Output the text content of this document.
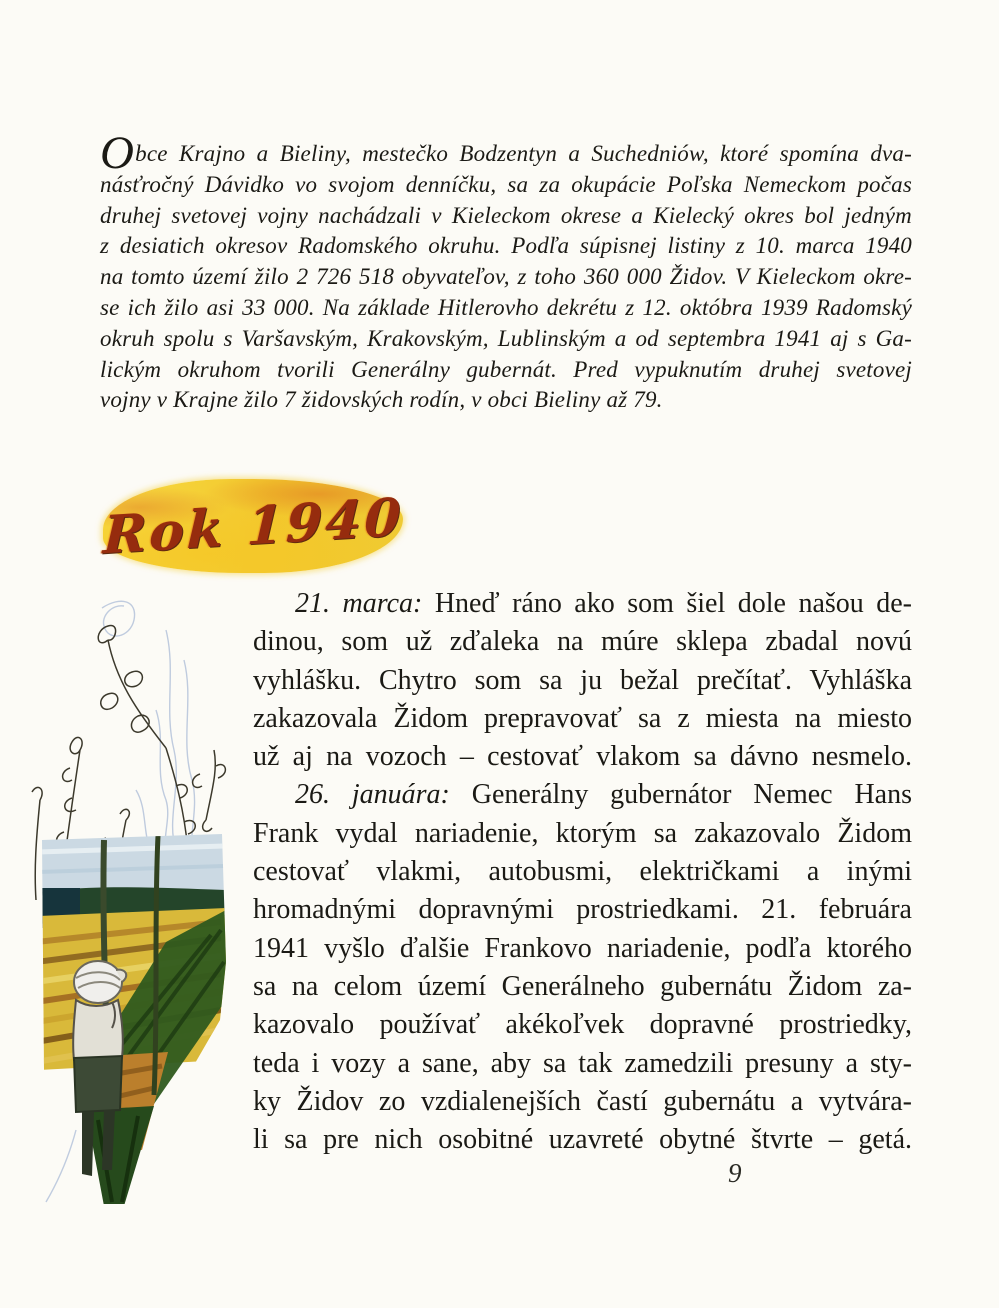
Obce Krajno a Bieliny, mestečko Bodzentyn a Suchedniów, ktoré spomína dva-
násťročný Dávidko vo svojom denníčku, sa za okupácie Poľska Nemeckom počas
druhej svetovej vojny nachádzali v Kieleckom okrese a Kielecký okres bol jedným
z desiatich okresov Radomského okruhu. Podľa súpisnej listiny z 10. marca 1940
na tomto území žilo 2 726 518 obyvateľov, z toho 360 000 Židov. V Kieleckom okre-
se ich žilo asi 33 000. Na základe Hitlerovho dekrétu z 12. októbra 1939 Radomský
okruh spolu s Varšavským, Krakovským, Lublinským a od septembra 1941 aj s Ga-
lickým okruhom tvorili Generálny gubernát. Pred vypuknutím druhej svetovej
vojny v Krajne žilo 7 židovských rodín, v obci Bieliny až 79.
Rok 1940
21. marca: Hneď ráno ako som šiel dole našou de-
dinou, som už zďaleka na múre sklepa zbadal novú
vyhlášku. Chytro som sa ju bežal prečítať. Vyhláška
zakazovala Židom prepravovať sa z miesta na miesto
už aj na vozoch – cestovať vlakom sa dávno nesmelo.
26. januára: Generálny gubernátor Nemec Hans
Frank vydal nariadenie, ktorým sa zakazovalo Židom
cestovať vlakmi, autobusmi, električkami a inými
hromadnými dopravnými prostriedkami. 21. februára
1941 vyšlo ďalšie Frankovo nariadenie, podľa ktorého
sa na celom území Generálneho gubernátu Židom za-
kazovalo používať akékoľvek dopravné prostriedky,
teda i vozy a sane, aby sa tak zamedzili presuny a sty-
ky Židov zo vzdialenejších častí gubernátu a vytvára-
li sa pre nich osobitné uzavreté obytné štvrte – getá.
9
